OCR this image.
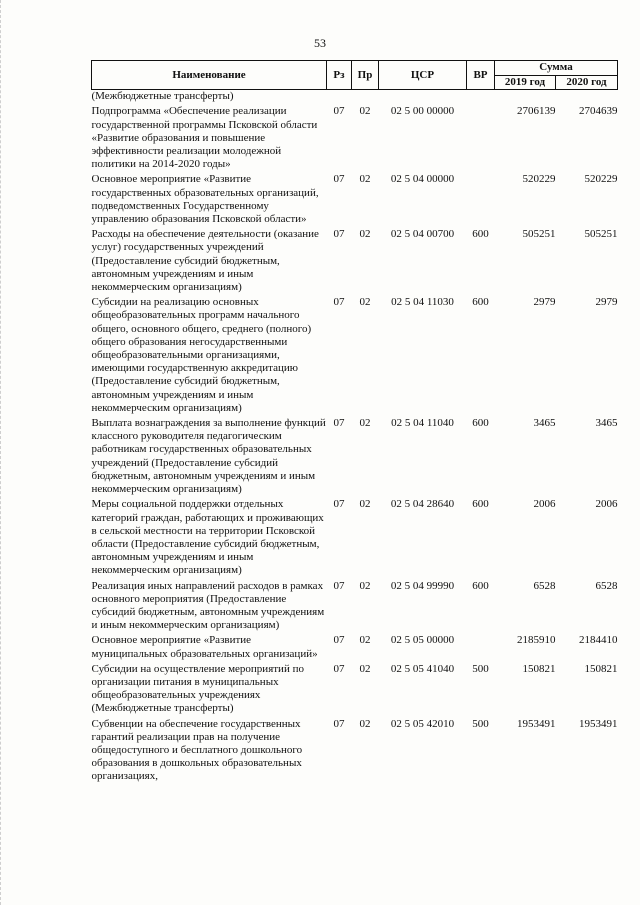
53
Наименование	Рз	Пр	ЦСР	ВР	Сумма	
					2019 год	2020 год
(Межбюджетные трансферты)						
Подпрограмма «Обеспечение реализации государственной программы Псковской области «Развитие образования и повышение эффективности реализации молодежной политики на 2014-2020 годы»	07	02	02 5 00 00000		2706139	2704639
Основное мероприятие «Развитие государственных образовательных организаций, подведомственных Государственному управлению образования Псковской области»	07	02	02 5 04 00000		520229	520229
Расходы на обеспечение деятельности (оказание услуг) государственных учреждений (Предоставление субсидий бюджетным, автономным учреждениям и иным некоммерческим организациям)	07	02	02 5 04 00700	600	505251	505251
Субсидии на реализацию основных общеобразовательных программ начального общего, основного общего, среднего (полного) общего образования негосударственными общеобразовательными организациями, имеющими государственную аккредитацию (Предоставление субсидий бюджетным, автономным учреждениям и иным некоммерческим организациям)	07	02	02 5 04 11030	600	2979	2979
Выплата вознаграждения за выполнение функций классного руководителя педагогическим работникам государственных образовательных учреждений (Предоставление субсидий бюджетным, автономным учреждениям и иным некоммерческим организациям)	07	02	02 5 04 11040	600	3465	3465
Меры социальной поддержки отдельных категорий граждан, работающих и проживающих в сельской местности на территории Псковской области (Предоставление субсидий бюджетным, автономным учреждениям и иным некоммерческим организациям)	07	02	02 5 04 28640	600	2006	2006
Реализация иных направлений расходов в рамках основного мероприятия (Предоставление субсидий бюджетным, автономным учреждениям и иным некоммерческим организациям)	07	02	02 5 04 99990	600	6528	6528
Основное мероприятие «Развитие муниципальных образовательных организаций»	07	02	02 5 05 00000		2185910	2184410
Субсидии на осуществление мероприятий по организации питания в муниципальных общеобразовательных учреждениях (Межбюджетные трансферты)	07	02	02 5 05 41040	500	150821	150821
Субвенции на обеспечение государственных гарантий реализации прав на получение общедоступного и бесплатного дошкольного образования в дошкольных образовательных организациях,	07	02	02 5 05 42010	500	1953491	1953491
